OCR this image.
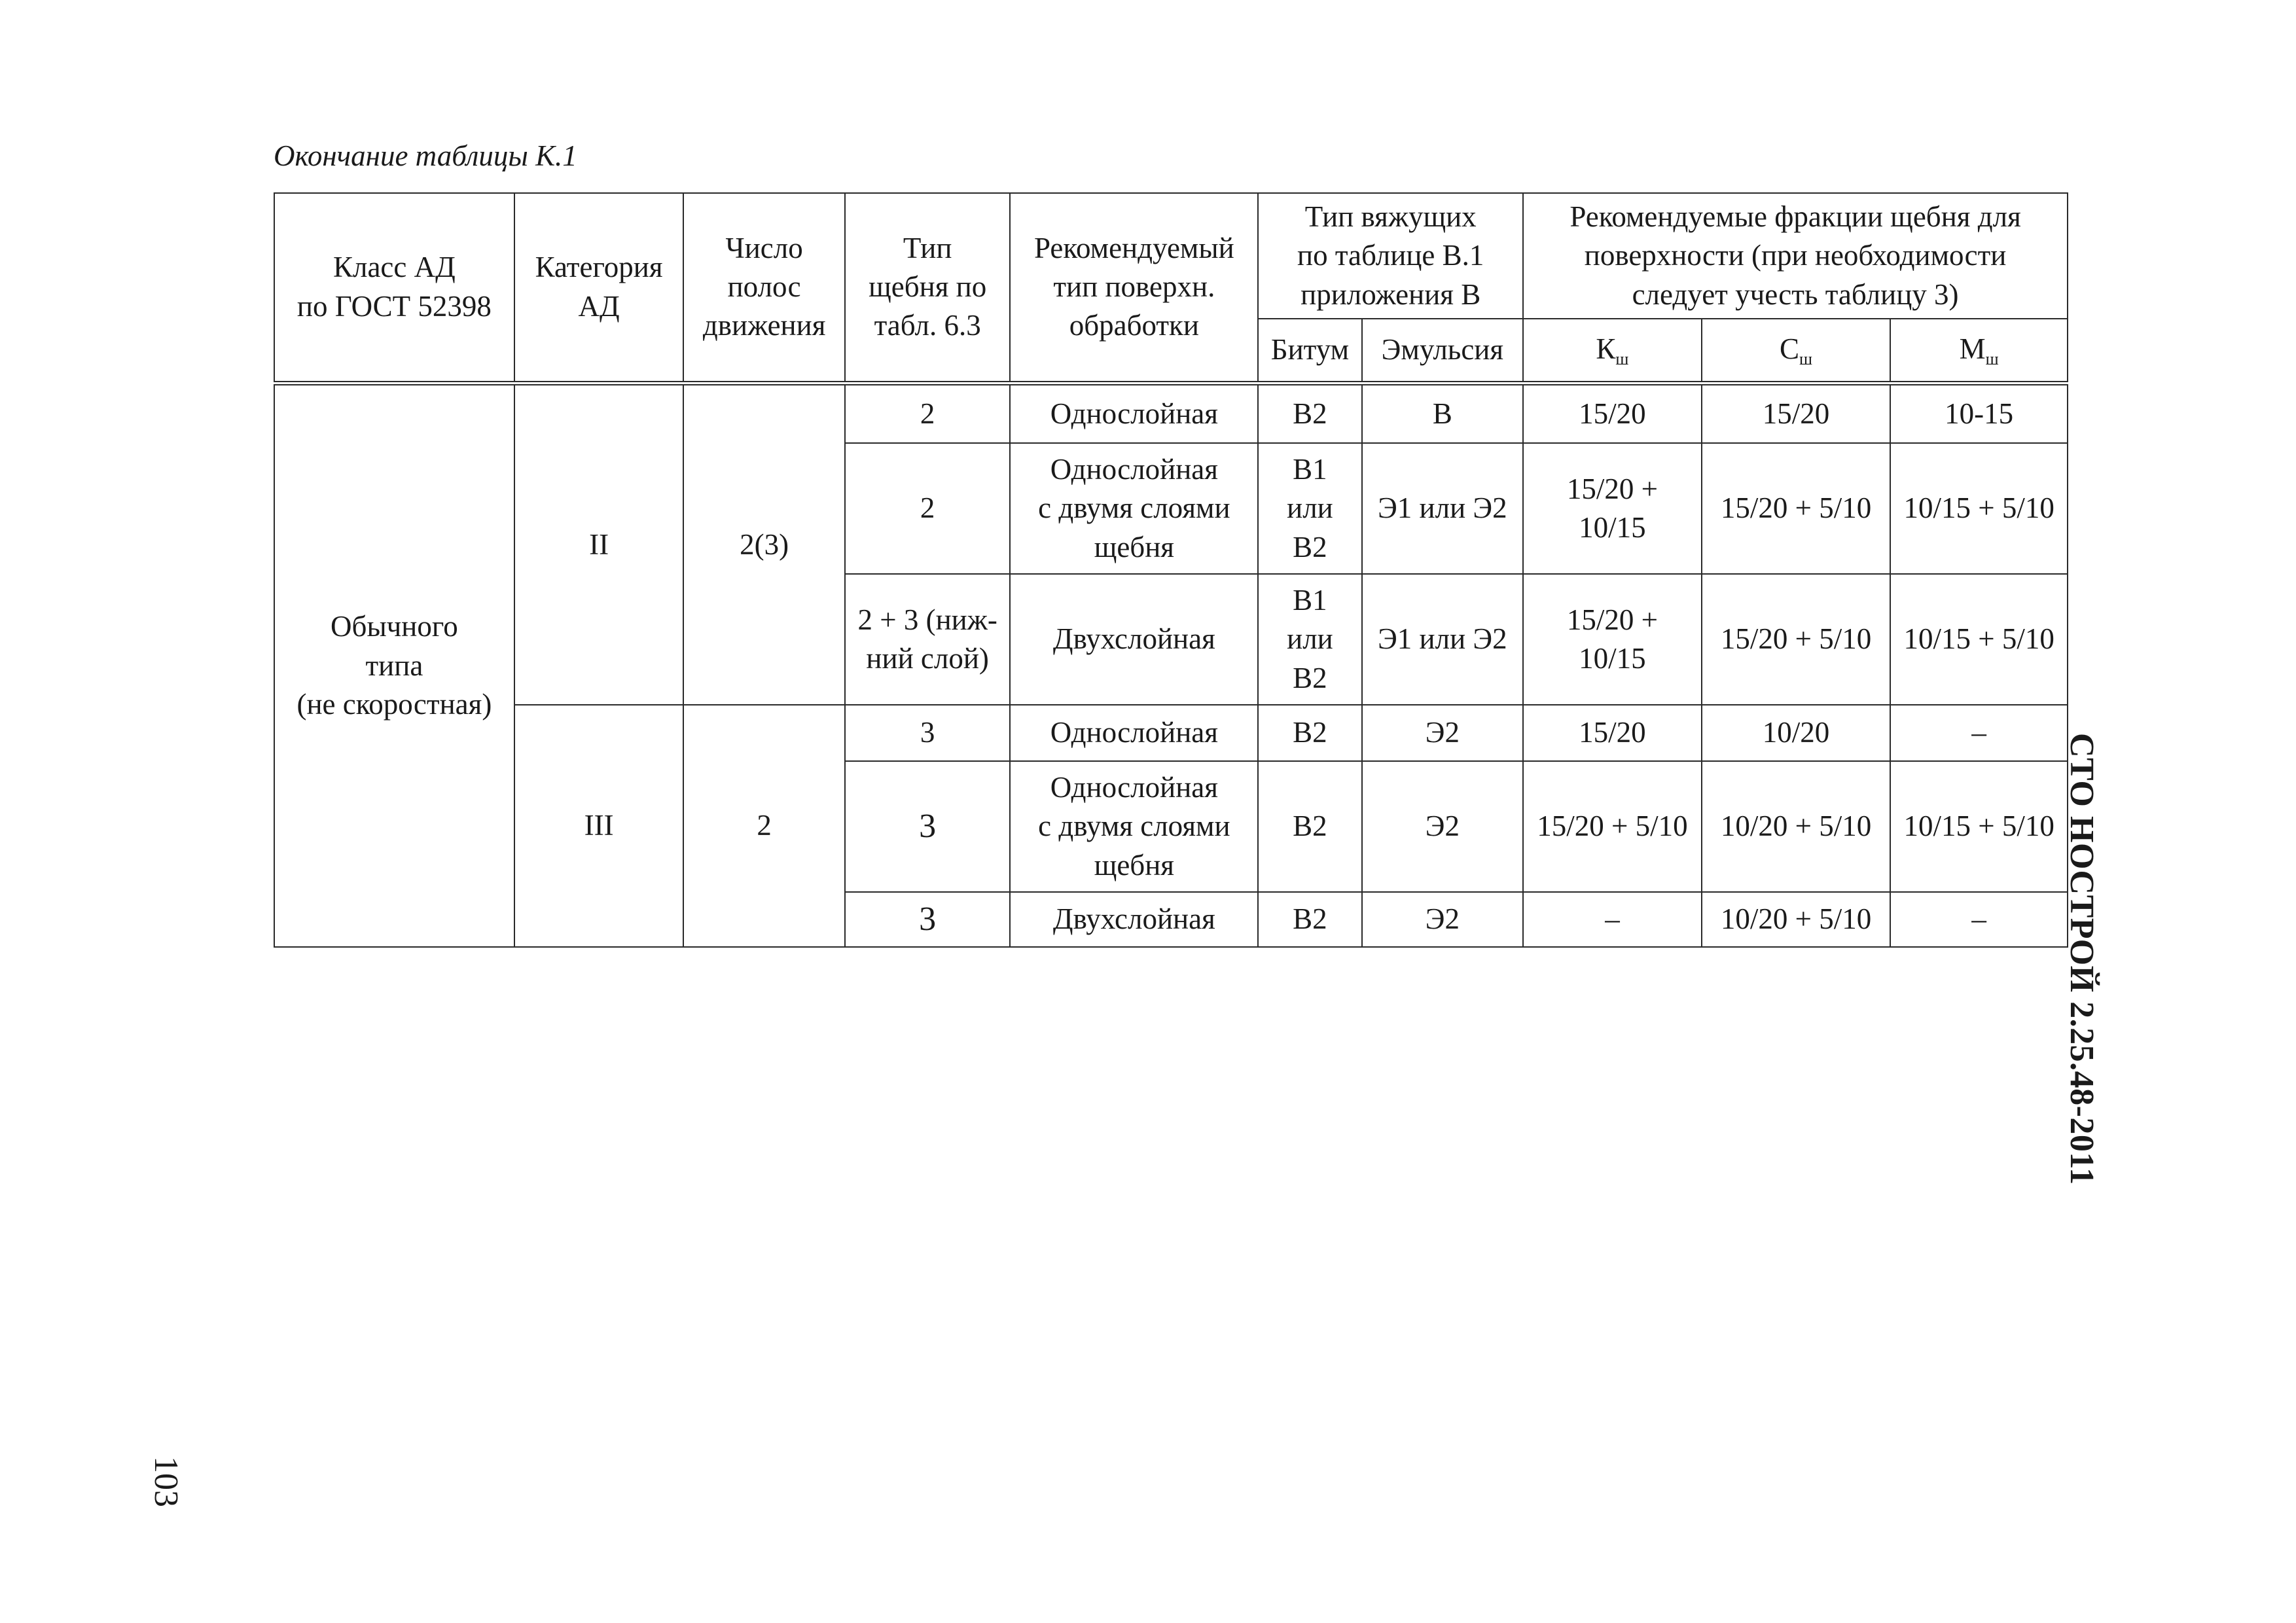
Окончание таблицы К.1
Класс АД
по ГОСТ 52398	Категория
АД	Число
полос
движения	Тип
щебня по
табл. 6.3	Рекомендуемый
тип поверхн.
обработки	Тип вяжущих
по таблице В.1
приложения В		Рекомендуемые фракции щебня для
поверхности (при необходимости
следует учесть таблицу 3)		
					Битум	Эмульсия	$К_ш$	$С_ш$	$М_ш$
Обычного
типа
(не скоростная)	II	2(3)	2	Однослойная	В2	В	15/20	15/20	10-15
			2	Однослойная
с двумя слоями
щебня	В1
или
В2	Э1 или Э2	15/20 +
10/15	15/20 + 5/10	10/15 + 5/10
			2 + 3 (ниж-
ний слой)	Двухслойная	В1
или
В2	Э1 или Э2	15/20 +
10/15	15/20 + 5/10	10/15 + 5/10
	III	2	3	Однослойная	В2	Э2	15/20	10/20	–
			3	Однослойная
с двумя слоями
щебня	В2	Э2	15/20 + 5/10	10/20 + 5/10	10/15 + 5/10
			3	Двухслойная	В2	Э2	–	10/20 + 5/10	– СТО НОСТРОЙ 2.25.48-2011
103
